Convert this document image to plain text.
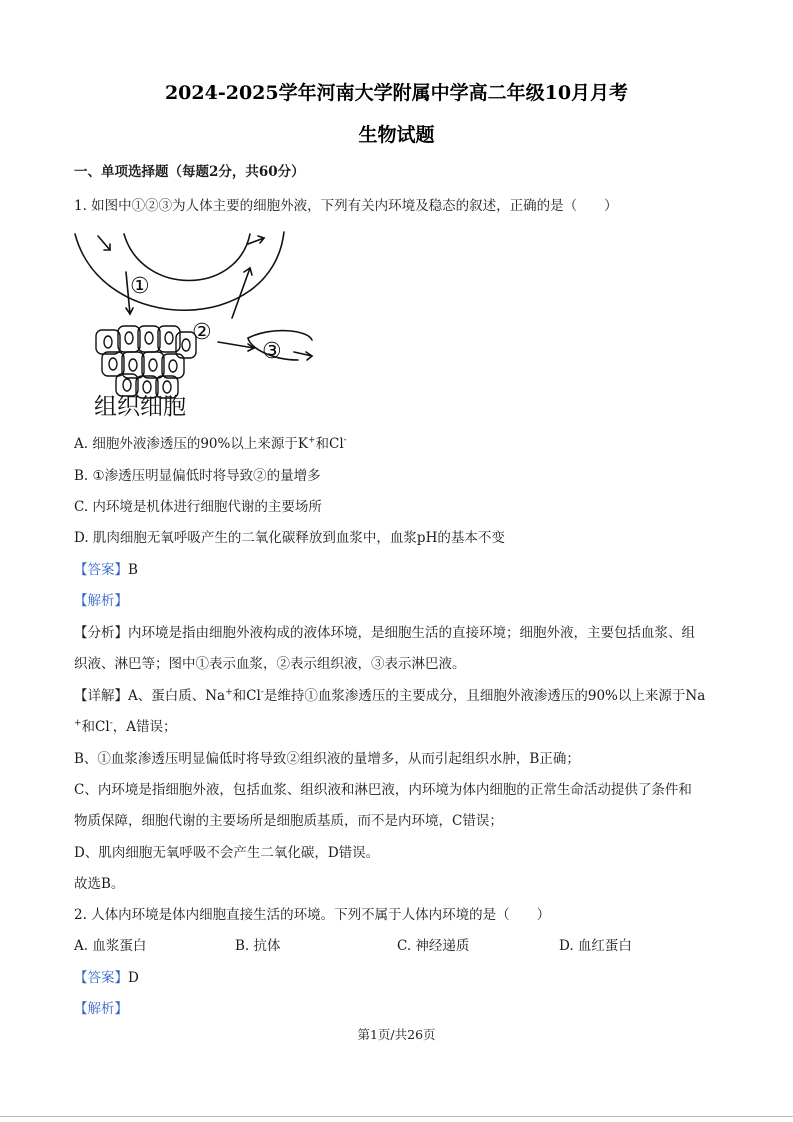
2024-2025学年河南大学附属中学高二年级10月月考
生物试题
一、单项选择题（每题2分，共60分）
1. 如图中①②③为人体主要的细胞外液，下列有关内环境及稳态的叙述，正确的是（　　）
①
②
③
组织细胞
A. 细胞外液渗透压的90%以上来源于K+和Cl-
B. ①渗透压明显偏低时将导致②的量增多
C. 内环境是机体进行细胞代谢的主要场所
D. 肌肉细胞无氧呼吸产生的二氧化碳释放到血浆中，血浆pH的基本不变
【答案】B
【解析】
【分析】内环境是指由细胞外液构成的液体环境，是细胞生活的直接环境；细胞外液，主要包括血浆、组
织液、淋巴等；图中①表示血浆，②表示组织液，③表示淋巴液。
【详解】A、蛋白质、Na+和Cl-是维持①血浆渗透压的主要成分，且细胞外液渗透压的90%以上来源于Na
+和Cl-，A错误；
B、①血浆渗透压明显偏低时将导致②组织液的量增多，从而引起组织水肿，B正确；
C、内环境是指细胞外液，包括血浆、组织液和淋巴液，内环境为体内细胞的正常生命活动提供了条件和
物质保障，细胞代谢的主要场所是细胞质基质，而不是内环境，C错误；
D、肌肉细胞无氧呼吸不会产生二氧化碳，D错误。
故选B。
2. 人体内环境是体内细胞直接生活的环境。下列不属于人体内环境的是（　　）
A. 血浆蛋白	B. 抗体	C. 神经递质	D. 血红蛋白
【答案】D
【解析】
第1页/共26页
